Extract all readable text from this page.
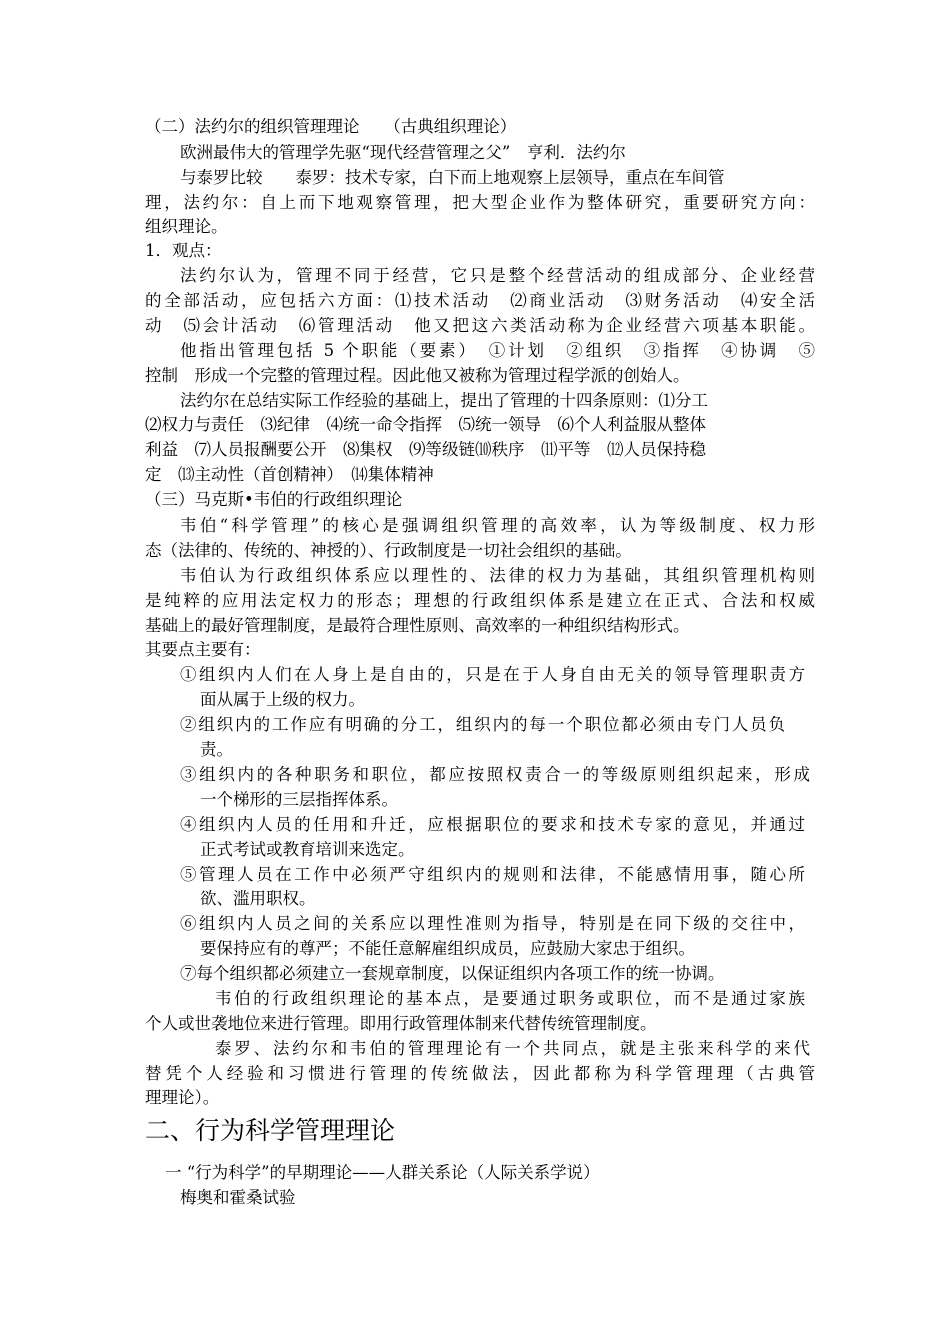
（二）法约尔的组织管理理论　　（古典组织理论）
欧洲最伟大的管理学先驱“现代经营管理之父”　亨利．法约尔
与泰罗比较　　泰罗：技术专家，白下而上地观察上层领导，重点在车间管
理，法约尔：自上而下地观察管理，把大型企业作为整体研究，重要研究方向：
组织理论。
1．观点：
法约尔认为，管理不同于经营，它只是整个经营活动的组成部分、企业经营
的全部活动，应包括六方面：⑴技术活动　⑵商业活动　⑶财务活动　⑷安全活
动　⑸会计活动　⑹管理活动　他又把这六类活动称为企业经营六项基本职能。
他指出管理包括 5 个职能（要素）　①计划　②组织　③指挥　④协调　⑤
控制　形成一个完整的管理过程。因此他又被称为管理过程学派的创始人。
法约尔在总结实际工作经验的基础上，提出了管理的十四条原则：⑴分工
⑵权力与责任　⑶纪律　⑷统一命令指挥　⑸统一领导　⑹个人利益服从整体
利益　⑺人员报酬要公开　⑻集权　⑼等级链⑽秩序　⑾平等　⑿人员保持稳
定　⒀主动性（首创精神）　⒁集体精神
（三）马克斯•韦伯的行政组织理论
韦伯“科学管理”的核心是强调组织管理的高效率，认为等级制度、权力形
态（法律的、传统的、神授的）、行政制度是一切社会组织的基础。
韦伯认为行政组织体系应以理性的、法律的权力为基础，其组织管理机构则
是纯粹的应用法定权力的形态；理想的行政组织体系是建立在正式、合法和权威
基础上的最好管理制度，是最符合理性原则、高效率的一种组织结构形式。
其要点主要有：
①组织内人们在人身上是自由的，只是在于人身自由无关的领导管理职责方
面从属于上级的权力。
②组织内的工作应有明确的分工，组织内的每一个职位都必须由专门人员负
责。
③组织内的各种职务和职位，都应按照权责合一的等级原则组织起来，形成
一个梯形的三层指挥体系。
④组织内人员的任用和升迁，应根据职位的要求和技术专家的意见，并通过
正式考试或教育培训来选定。
⑤管理人员在工作中必须严守组织内的规则和法律，不能感情用事，随心所
欲、滥用职权。
⑥组织内人员之间的关系应以理性准则为指导，特别是在同下级的交往中，
要保持应有的尊严；不能任意解雇组织成员，应鼓励大家忠于组织。
⑦每个组织都必须建立一套规章制度，以保证组织内各项工作的统一协调。
韦伯的行政组织理论的基本点，是要通过职务或职位，而不是通过家族
个人或世袭地位来进行管理。即用行政管理体制来代替传统管理制度。
泰罗、法约尔和韦伯的管理理论有一个共同点，就是主张来科学的来代
替凭个人经验和习惯进行管理的传统做法，因此都称为科学管理理（古典管
理理论）。
二、行为科学管理理论
一 “行为科学”的早期理论——人群关系论（人际关系学说）
梅奥和霍桑试验
